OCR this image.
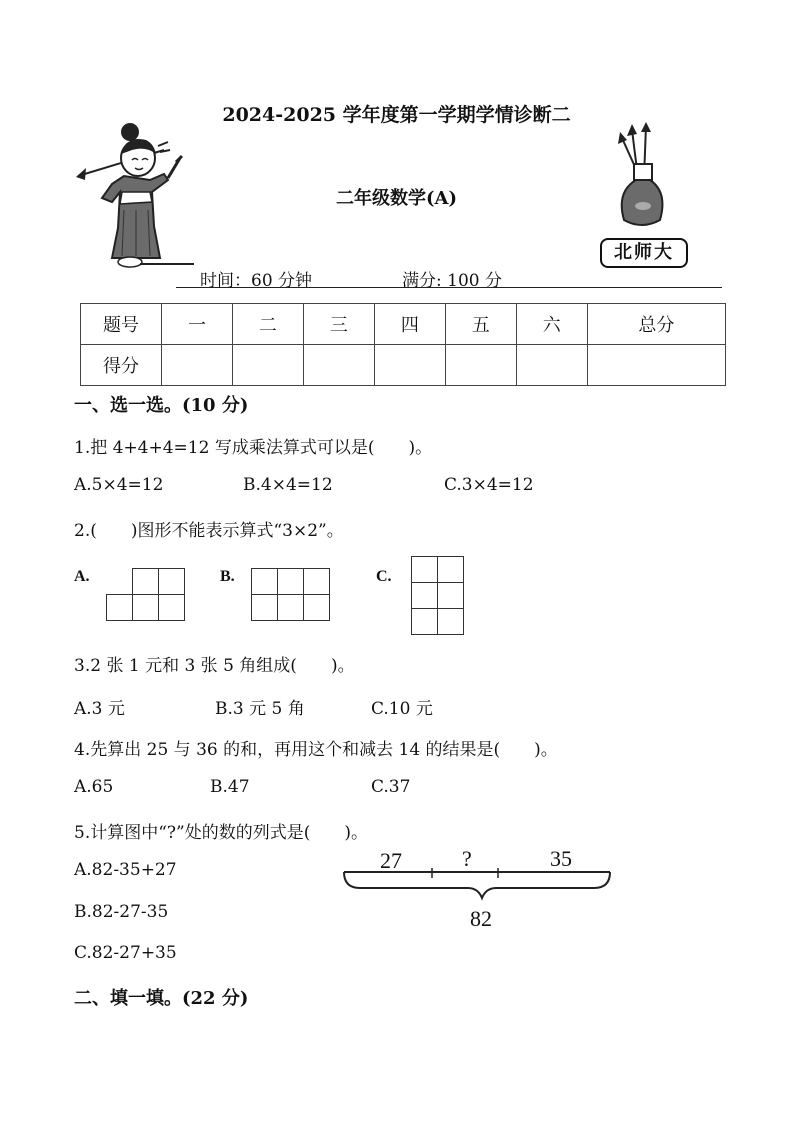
北师大
2024-2025 学年度第一学期学情诊断二
二年级数学(A)
时间：60 分钟	满分: 100 分
题号	一	二	三	四	五	六	总分
得分							
一、选一选。(10 分)
1.把 4+4+4=12 写成乘法算式可以是(　　)。
A.5×4=12	B.4×4=12	C.3×4=12
2.(　　)图形不能表示算式“3×2”。
A.	B.	C.
3.2 张 1 元和 3 张 5 角组成(　　)。
A.3 元	B.3 元 5 角	C.10 元
4.先算出 25 与 36 的和，再用这个和减去 14 的结果是(　　)。
A.65	B.47	C.37
5.计算图中“?”处的数的列式是(　　)。
A.82-35+27
B.82-27-35
C.82-27+35
27	?	35
82
二、填一填。(22 分)
